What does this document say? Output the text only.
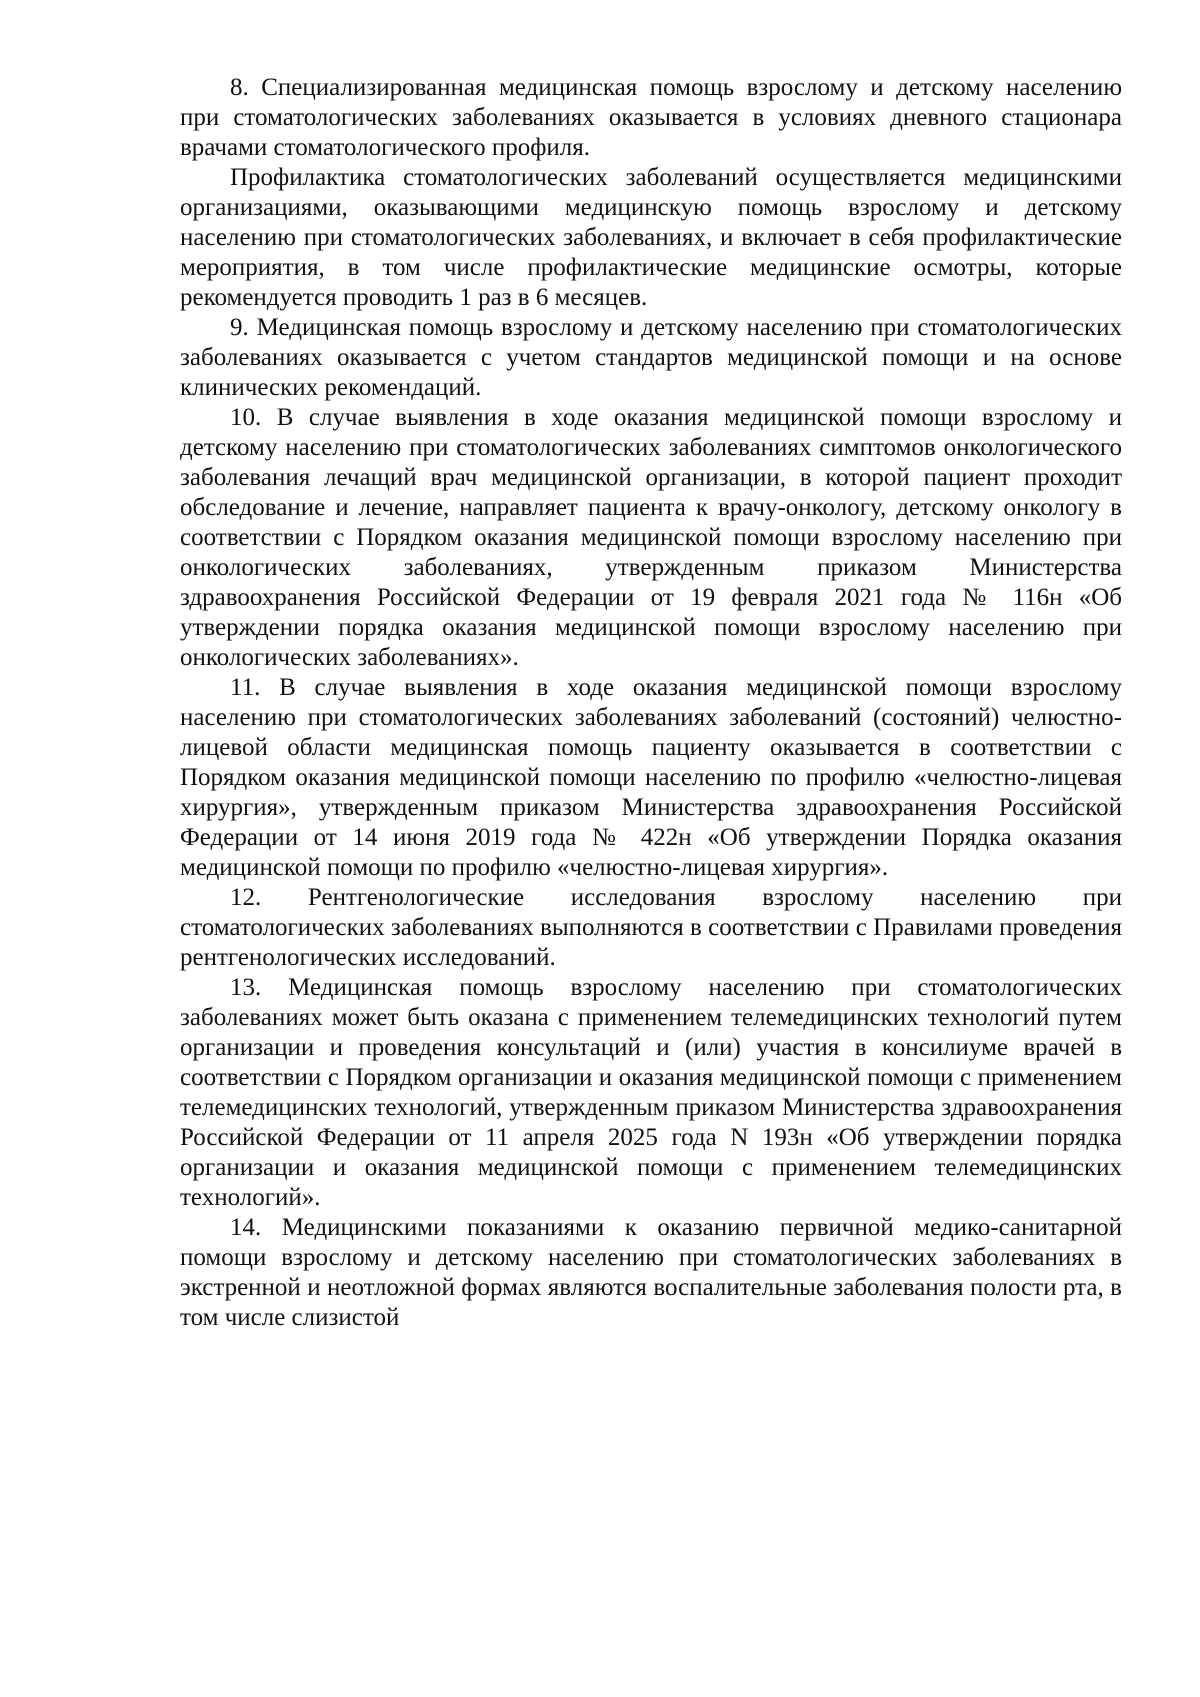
8. Специализированная медицинская помощь взрослому и детскому населению при стоматологических заболеваниях оказывается в условиях дневного стационара врачами стоматологического профиля.

Профилактика стоматологических заболеваний осуществляется медицинскими организациями, оказывающими медицинскую помощь взрослому и детскому населению при стоматологических заболеваниях, и включает в себя профилактические мероприятия, в том числе профилактические медицинские осмотры, которые рекомендуется проводить 1 раз в 6 месяцев.

9. Медицинская помощь взрослому и детскому населению при стоматологических заболеваниях оказывается с учетом стандартов медицинской помощи и на основе клинических рекомендаций.

10. В случае выявления в ходе оказания медицинской помощи взрослому и детскому населению при стоматологических заболеваниях симптомов онкологического заболевания лечащий врач медицинской организации, в которой пациент проходит обследование и лечение, направляет пациента к врачу-онкологу, детскому онкологу в соответствии с Порядком оказания медицинской помощи взрослому населению при онкологических заболеваниях, утвержденным приказом Министерства здравоохранения Российской Федерации от 19 февраля 2021 года № 116н «Об утверждении порядка оказания медицинской помощи взрослому населению при онкологических заболеваниях».

11. В случае выявления в ходе оказания медицинской помощи взрослому населению при стоматологических заболеваниях заболеваний (состояний) челюстно-лицевой области медицинская помощь пациенту оказывается в соответствии с Порядком оказания медицинской помощи населению по профилю «челюстно-лицевая хирургия», утвержденным приказом Министерства здравоохранения Российской Федерации от 14 июня 2019 года № 422н «Об утверждении Порядка оказания медицинской помощи по профилю «челюстно-лицевая хирургия».

12. Рентгенологические исследования взрослому населению при стоматологических заболеваниях выполняются в соответствии с Правилами проведения рентгенологических исследований.

13. Медицинская помощь взрослому населению при стоматологических заболеваниях может быть оказана с применением телемедицинских технологий путем организации и проведения консультаций и (или) участия в консилиуме врачей в соответствии с Порядком организации и оказания медицинской помощи с применением телемедицинских технологий, утвержденным приказом Министерства здравоохранения Российской Федерации от 11 апреля 2025 года N 193н «Об утверждении порядка организации и оказания медицинской помощи с применением телемедицинских технологий».

14. Медицинскими показаниями к оказанию первичной медико-санитарной помощи взрослому и детскому населению при стоматологических заболеваниях в экстренной и неотложной формах являются воспалительные заболевания полости рта, в том числе слизистой
